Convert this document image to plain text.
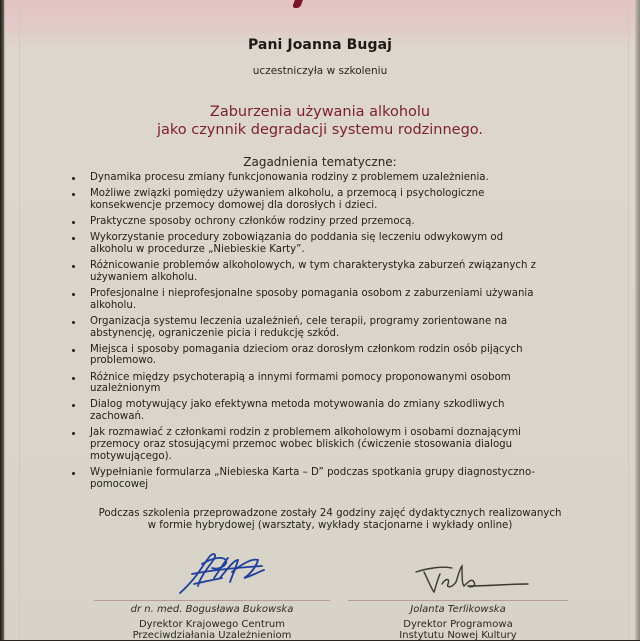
Pani Joanna Bugaj
uczestniczyła w szkoleniu
Zaburzenia używania alkoholu
jako czynnik degradacji systemu rodzinnego.
Zagadnienia tematyczne:
Dynamika procesu zmiany funkcjonowania rodziny z problemem uzależnienia.
Możliwe związki pomiędzy używaniem alkoholu, a przemocą i psychologiczne konsekwencje przemocy domowej dla dorosłych i dzieci.
Praktyczne sposoby ochrony członków rodziny przed przemocą.
Wykorzystanie procedury zobowiązania do poddania się leczeniu odwykowym od alkoholu w procedurze „Niebieskie Karty”.
Różnicowanie problemów alkoholowych, w tym charakterystyka zaburzeń związanych z używaniem alkoholu.
Profesjonalne i nieprofesjonalne sposoby pomagania osobom z zaburzeniami używania alkoholu.
Organizacja systemu leczenia uzależnień, cele terapii, programy zorientowane na abstynencję, ograniczenie picia i redukcję szkód.
Miejsca i sposoby pomagania dzieciom oraz dorosłym członkom rodzin osób pijących problemowo.
Różnice między psychoterapią a innymi formami pomocy proponowanymi osobom uzależnionym
Dialog motywujący jako efektywna metoda motywowania do zmiany szkodliwych zachowań.
Jak rozmawiać z członkami rodzin z problemem alkoholowym i osobami doznającymi przemocy oraz stosującymi przemoc wobec bliskich (ćwiczenie stosowania dialogu motywującego).
Wypełnianie formularza „Niebieska Karta – D” podczas spotkania grupy diagnostyczno-pomocowej
Podczas szkolenia przeprowadzone zostały 24 godziny zajęć dydaktycznych realizowanych
w formie hybrydowej (warsztaty, wykłady stacjonarne i wykłady online)
dr n. med. Bogusława Bukowska
Dyrektor Krajowego Centrum
Przeciwdziałania Uzależnieniom
Jolanta Terlikowska
Dyrektor Programowa
Instytutu Nowej Kultury
